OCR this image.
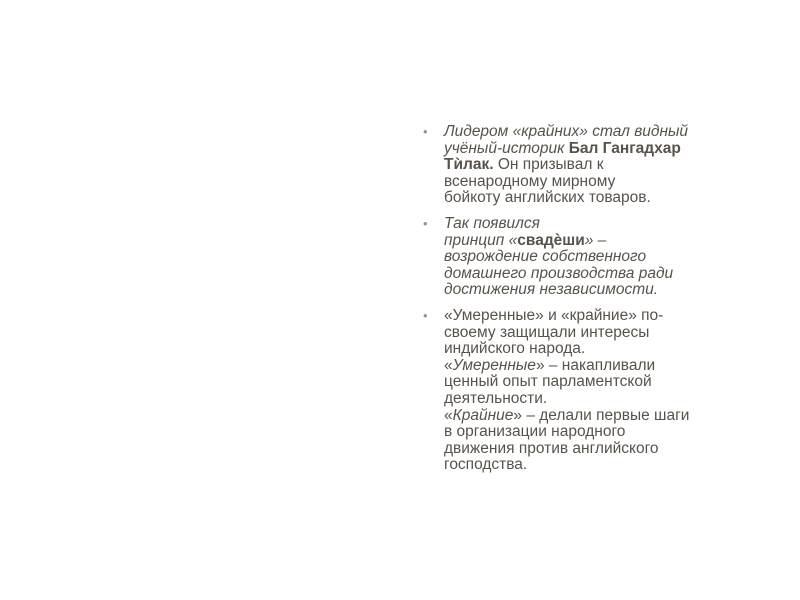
• Лидером «крайних» стал видный
учёный-историк Бал Гангадхар
Тѝлак. Он призывал к
всенародному мирному
бойкоту английских товаров.
• Так появился
принцип «свадѐши» –
возрождение собственного
домашнего производства ради
достижения независимости.
• «Умеренные» и «крайние» по-
своему защищали интересы
индийского народа.
«Умеренные» – накапливали
ценный опыт парламентской
деятельности.
«Крайние» – делали первые шаги
в организации народного
движения против английского
господства.
